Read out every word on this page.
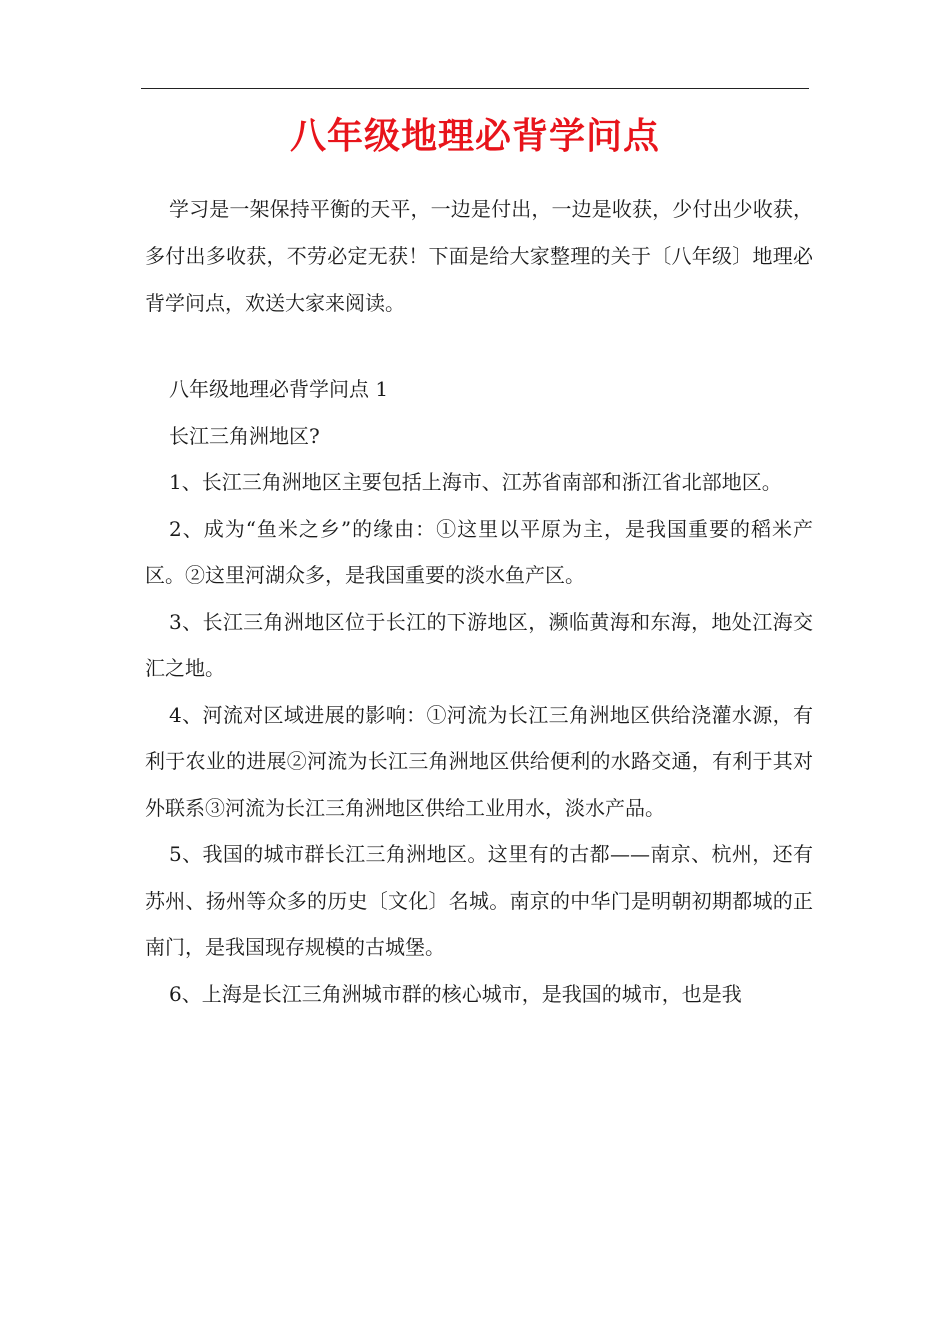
八年级地理必背学问点

学习是一架保持平衡的天平，一边是付出，一边是收获，少付出少收获，多付出多收获，不劳必定无获！下面是给大家整理的关于〔八年级〕地理必背学问点，欢送大家来阅读。

八年级地理必背学问点 1

长江三角洲地区?

1、长江三角洲地区主要包括上海市、江苏省南部和浙江省北部地区。

2、成为“鱼米之乡”的缘由：①这里以平原为主，是我国重要的稻米产区。②这里河湖众多，是我国重要的淡水鱼产区。

3、长江三角洲地区位于长江的下游地区，濒临黄海和东海，地处江海交汇之地。

4、河流对区域进展的影响：①河流为长江三角洲地区供给浇灌水源，有利于农业的进展②河流为长江三角洲地区供给便利的水路交通，有利于其对外联系③河流为长江三角洲地区供给工业用水，淡水产品。

5、我国的城市群长江三角洲地区。这里有的古都——南京、杭州，还有苏州、扬州等众多的历史〔文化〕名城。南京的中华门是明朝初期都城的正南门，是我国现存规模的古城堡。

6、上海是长江三角洲城市群的核心城市，是我国的城市，也是我
